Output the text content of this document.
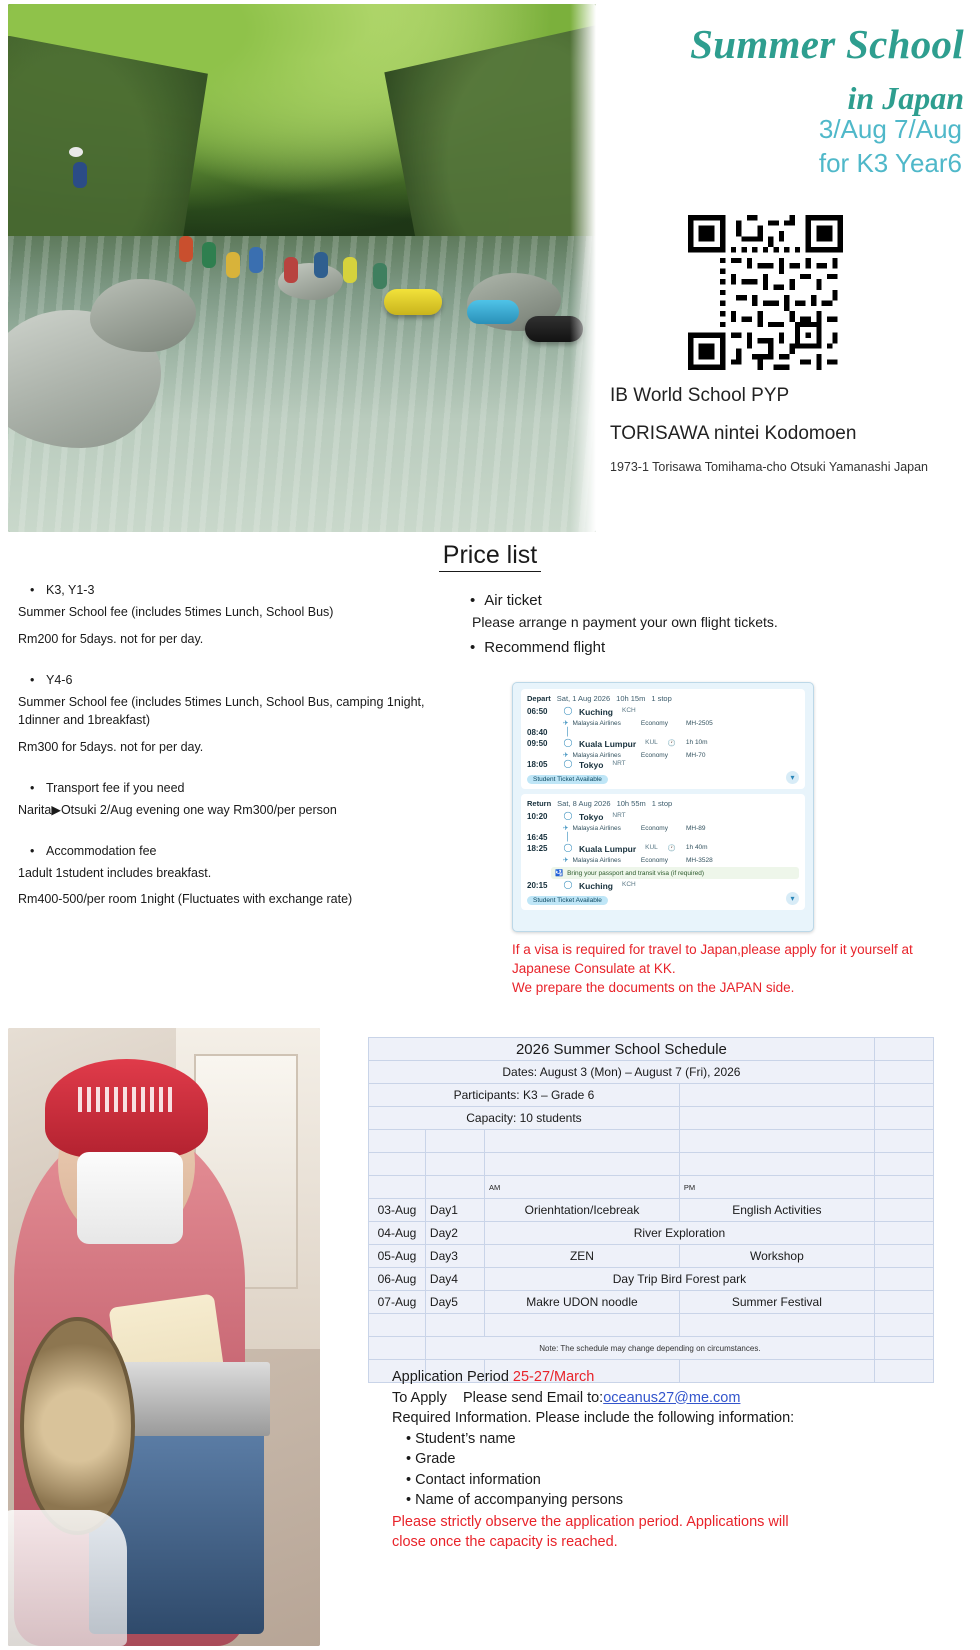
Summer School
in Japan
3/Aug 7/Aug
for K3 Year6
IB World School PYP
TORISAWA nintei Kodomoen
1973-1 Torisawa Tomihama-cho Otsuki Yamanashi Japan
Price list
• K3, Y1-3
Summer School fee (includes 5times Lunch, School Bus)
Rm200 for 5days. not for per day.
• Y4-6
Summer School fee (includes 5times Lunch, School Bus, camping 1night, 1dinner and 1breakfast)
Rm300 for 5days. not for per day.
• Transport fee if you need
Narita▶Otsuki 2/Aug evening one way Rm300/per person
• Accommodation fee
1adult 1student includes breakfast.
Rm400-500/per room 1night (Fluctuates with exchange rate)
• Air ticket
Please arrange n payment your own flight tickets.
• Recommend flight
Depart Sat, 1 Aug 2026 10h 15m 1 stop
06:50	◯ Kuching KCH
✈ Malaysia Airlines	Economy	MH-2505
08:40	│
09:50	◯ Kuala Lumpur KUL 🕐 1h 10m
✈ Malaysia Airlines	Economy	MH-70
18:05	◯ Tokyo NRT
Student Ticket Available	▾
Return Sat, 8 Aug 2026 10h 55m 1 stop
10:20	◯ Tokyo NRT
✈ Malaysia Airlines	Economy	MH-89
16:45	│
18:25	◯ Kuala Lumpur KUL 🕐 1h 40m
✈ Malaysia Airlines	Economy	MH-3528
🛂 Bring your passport and transit visa (if required)
20:15	◯ Kuching KCH
Student Ticket Available	▾
If a visa is required for travel to Japan,please apply for it yourself at Japanese Consulate at KK.
We prepare the documents on the JAPAN side.
2026 Summer School Schedule				
Dates: August 3 (Mon) – August 7 (Fri), 2026				
Participants: K3 – Grade 6				
Capacity: 10 students				

		AM	PM	
03-Aug	Day1	Orienhtation/Icebreak	English Activities	
04-Aug	Day2	River Exploration		
05-Aug	Day3	ZEN	Workshop	
06-Aug	Day4	Day Trip Bird Forest park		
07-Aug	Day5	Makre UDON noodle	Summer Festival	

	Note: The schedule may change depending on circumstances.			

Application Period 25-27/March
To Apply Please send Email to:oceanus27@me.com
Required Information. Please include the following information:
• Student’s name
• Grade
• Contact information
• Name of accompanying persons
Please strictly observe the application period. Applications will
close once the capacity is reached.
